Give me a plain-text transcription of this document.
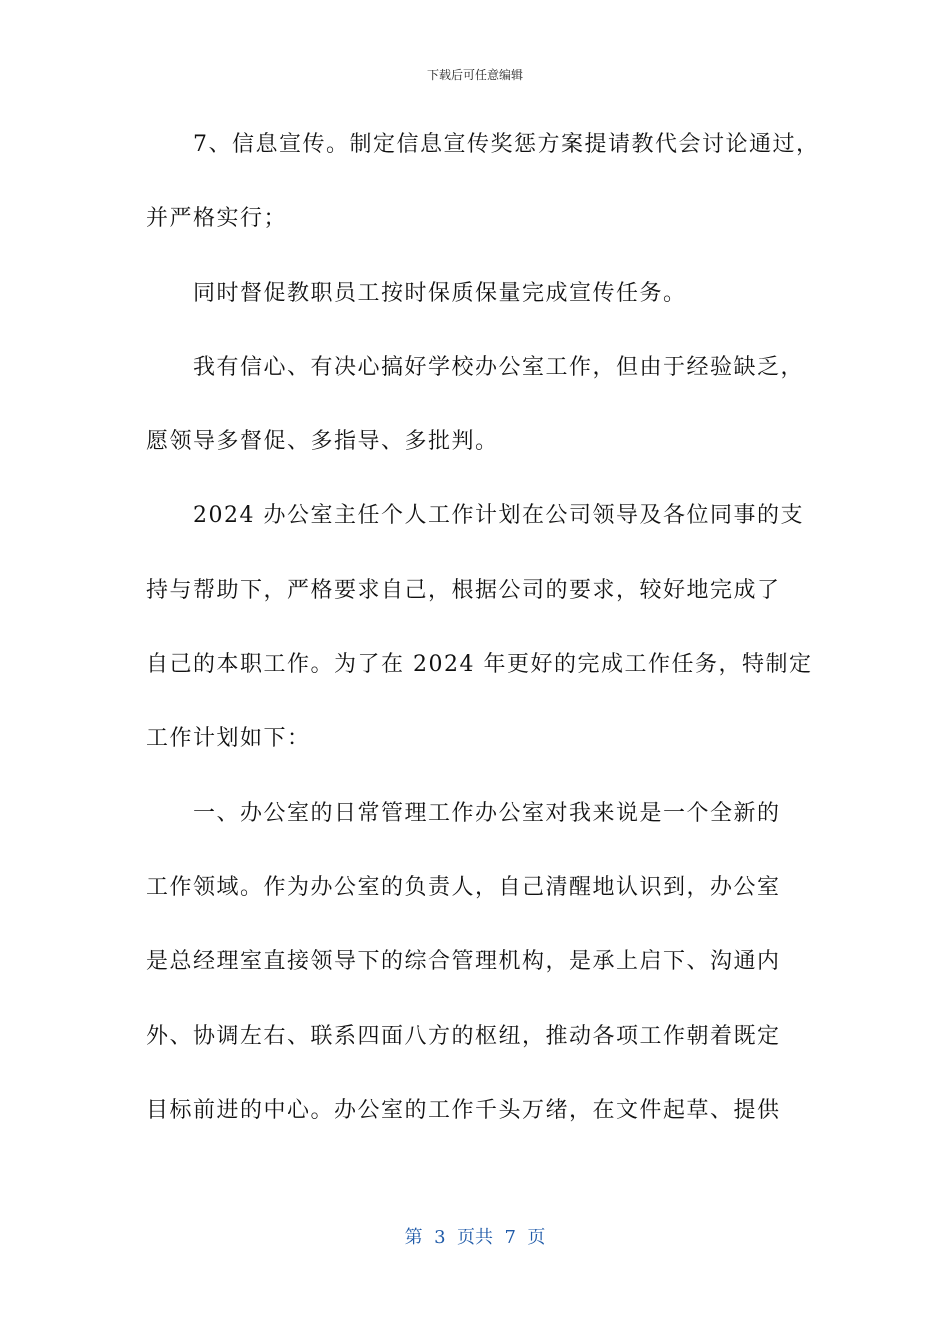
下载后可任意编辑
7、信息宣传。制定信息宣传奖惩方案提请教代会讨论通过，
并严格实行；
同时督促教职员工按时保质保量完成宣传任务。
我有信心、有决心搞好学校办公室工作，但由于经验缺乏，
愿领导多督促、多指导、多批判。
2024 办公室主任个人工作计划在公司领导及各位同事的支
持与帮助下，严格要求自己，根据公司的要求，较好地完成了
自己的本职工作。为了在 2024 年更好的完成工作任务，特制定
工作计划如下：
一、办公室的日常管理工作办公室对我来说是一个全新的
工作领域。作为办公室的负责人，自己清醒地认识到，办公室
是总经理室直接领导下的综合管理机构，是承上启下、沟通内
外、协调左右、联系四面八方的枢纽，推动各项工作朝着既定
目标前进的中心。办公室的工作千头万绪，在文件起草、提供
第  3  页共  7  页
